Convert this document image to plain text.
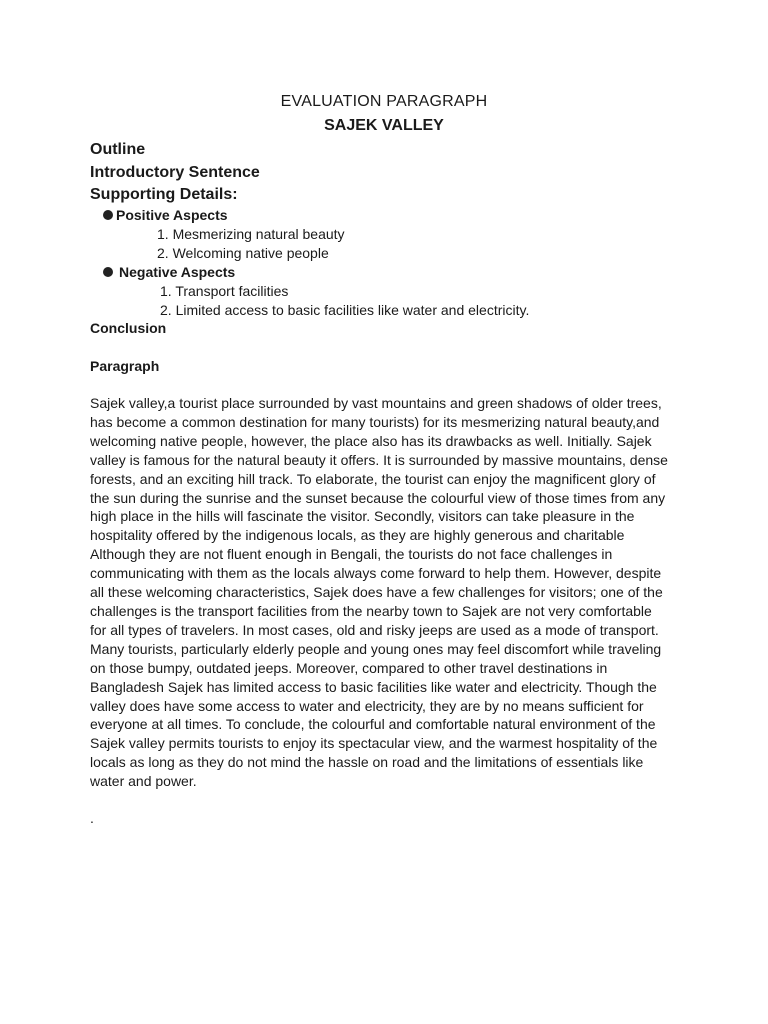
EVALUATION PARAGRAPH
SAJEK VALLEY
Outline
Introductory Sentence
Supporting Details:
Positive Aspects
1. Mesmerizing natural beauty
2. Welcoming native people
Negative Aspects
1. Transport facilities
2. Limited access to basic facilities like water and electricity.
Conclusion
Paragraph

Sajek valley,a tourist place surrounded by vast mountains and green shadows of older trees, has become a common destination for many tourists) for its mesmerizing natural beauty,and welcoming native people, however, the place also has its drawbacks as well. Initially. Sajek valley is famous for the natural beauty it offers. It is surrounded by massive mountains, dense forests, and an exciting hill track. To elaborate, the tourist can enjoy the magnificent glory of the sun during the sunrise and the sunset because the colourful view of those times from any high place in the hills will fascinate the visitor. Secondly, visitors can take pleasure in the hospitality offered by the indigenous locals, as they are highly generous and charitable Although they are not fluent enough in Bengali, the tourists do not face challenges in communicating with them as the locals always come forward to help them. However, despite all these welcoming characteristics, Sajek does have a few challenges for visitors; one of the challenges is the transport facilities from the nearby town to Sajek are not very comfortable for all types of travelers. In most cases, old and risky jeeps are used as a mode of transport. Many tourists, particularly elderly people and young ones may feel discomfort while traveling on those bumpy, outdated jeeps. Moreover, compared to other travel destinations in Bangladesh Sajek has limited access to basic facilities like water and electricity. Though the valley does have some access to water and electricity, they are by no means sufficient for everyone at all times. To conclude, the colourful and comfortable natural environment of the Sajek valley permits tourists to enjoy its spectacular view, and the warmest hospitality of the locals as long as they do not mind the hassle on road and the limitations of essentials like water and power.

.
